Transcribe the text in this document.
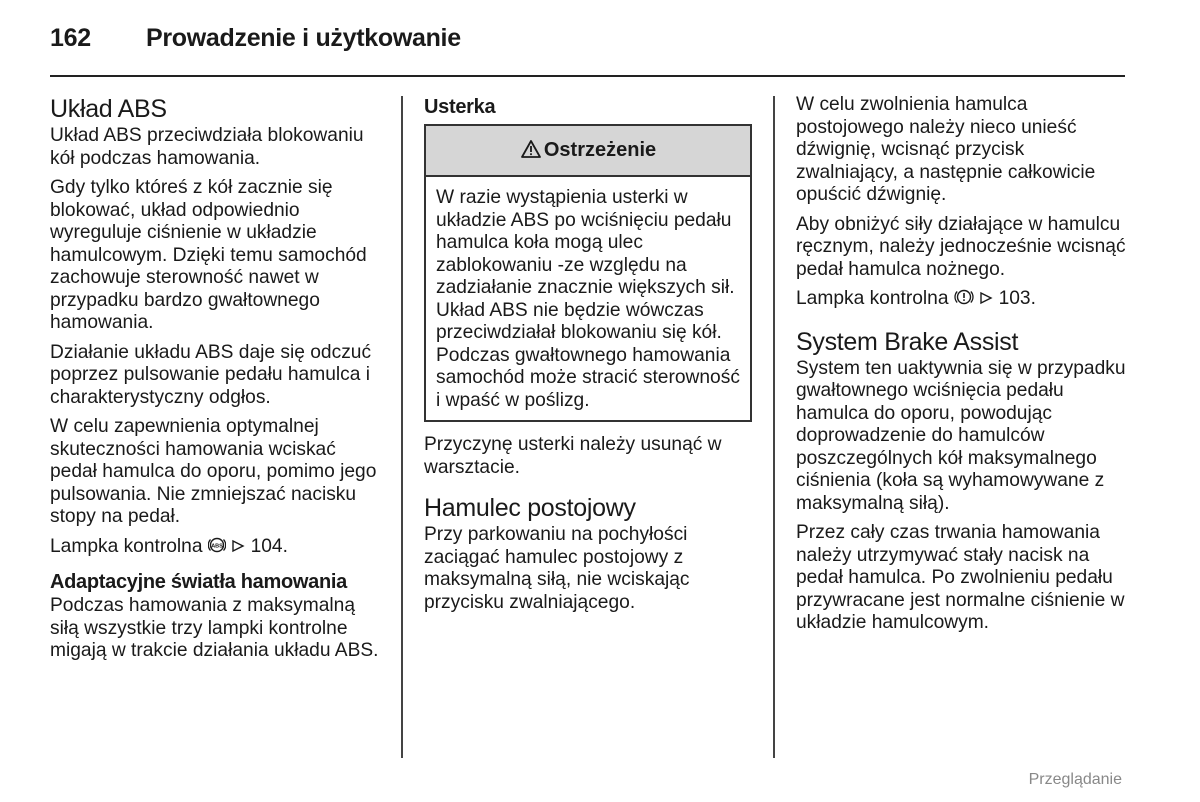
162 Prowadzenie i użytkowanie
Układ ABS

Układ ABS przeciwdziała blokowaniu kół podczas hamowania.

Gdy tylko któreś z kół zacznie się blokować, układ odpowiednio wyreguluje ciśnienie w układzie hamulcowym. Dzięki temu samochód zachowuje sterowność nawet w przypadku bardzo gwałtownego hamowania.

Działanie układu ABS daje się odczuć poprzez pulsowanie pedału hamulca i charakterystyczny odgłos.

W celu zapewnienia optymalnej skuteczności hamowania wciskać pedał hamulca do oporu, pomimo jego pulsowania. Nie zmniejszać nacisku stopy na pedał.

Lampka kontrolna ABS 104.

Adaptacyjne światła hamowania

Podczas hamowania z maksymalną siłą wszystkie trzy lampki kontrolne migają w trakcie działania układu ABS.

Usterka
Ostrzeżenie
W razie wystąpienia usterki w układzie ABS po wciśnięciu pedału hamulca koła mogą ulec zablokowaniu -ze względu na zadziałanie znacznie większych sił. Układ ABS nie będzie wówczas przeciwdziałał blokowaniu się kół. Podczas gwałtownego hamowania samochód może stracić sterowność i wpaść w poślizg.

Przyczynę usterki należy usunąć w warsztacie.

Hamulec postojowy

Przy parkowaniu na pochyłości zaciągać hamulec postojowy z maksymalną siłą, nie wciskając przycisku zwalniającego.

W celu zwolnienia hamulca postojowego należy nieco unieść dźwignię, wcisnąć przycisk zwalniający, a następnie całkowicie opuścić dźwignię.

Aby obniżyć siły działające w hamulcu ręcznym, należy jednocześnie wcisnąć pedał hamulca nożnego.

Lampka kontrolna	103.

System Brake Assist

System ten uaktywnia się w przypadku gwałtownego wciśnięcia pedału hamulca do oporu, powodując doprowadzenie do hamulców poszczególnych kół maksymalnego ciśnienia (koła są wyhamowywane z maksymalną siłą).

Przez cały czas trwania hamowania należy utrzymywać stały nacisk na pedał hamulca. Po zwolnieniu pedału przywracane jest normalne ciśnienie w układzie hamulcowym.

Przeglądanie
